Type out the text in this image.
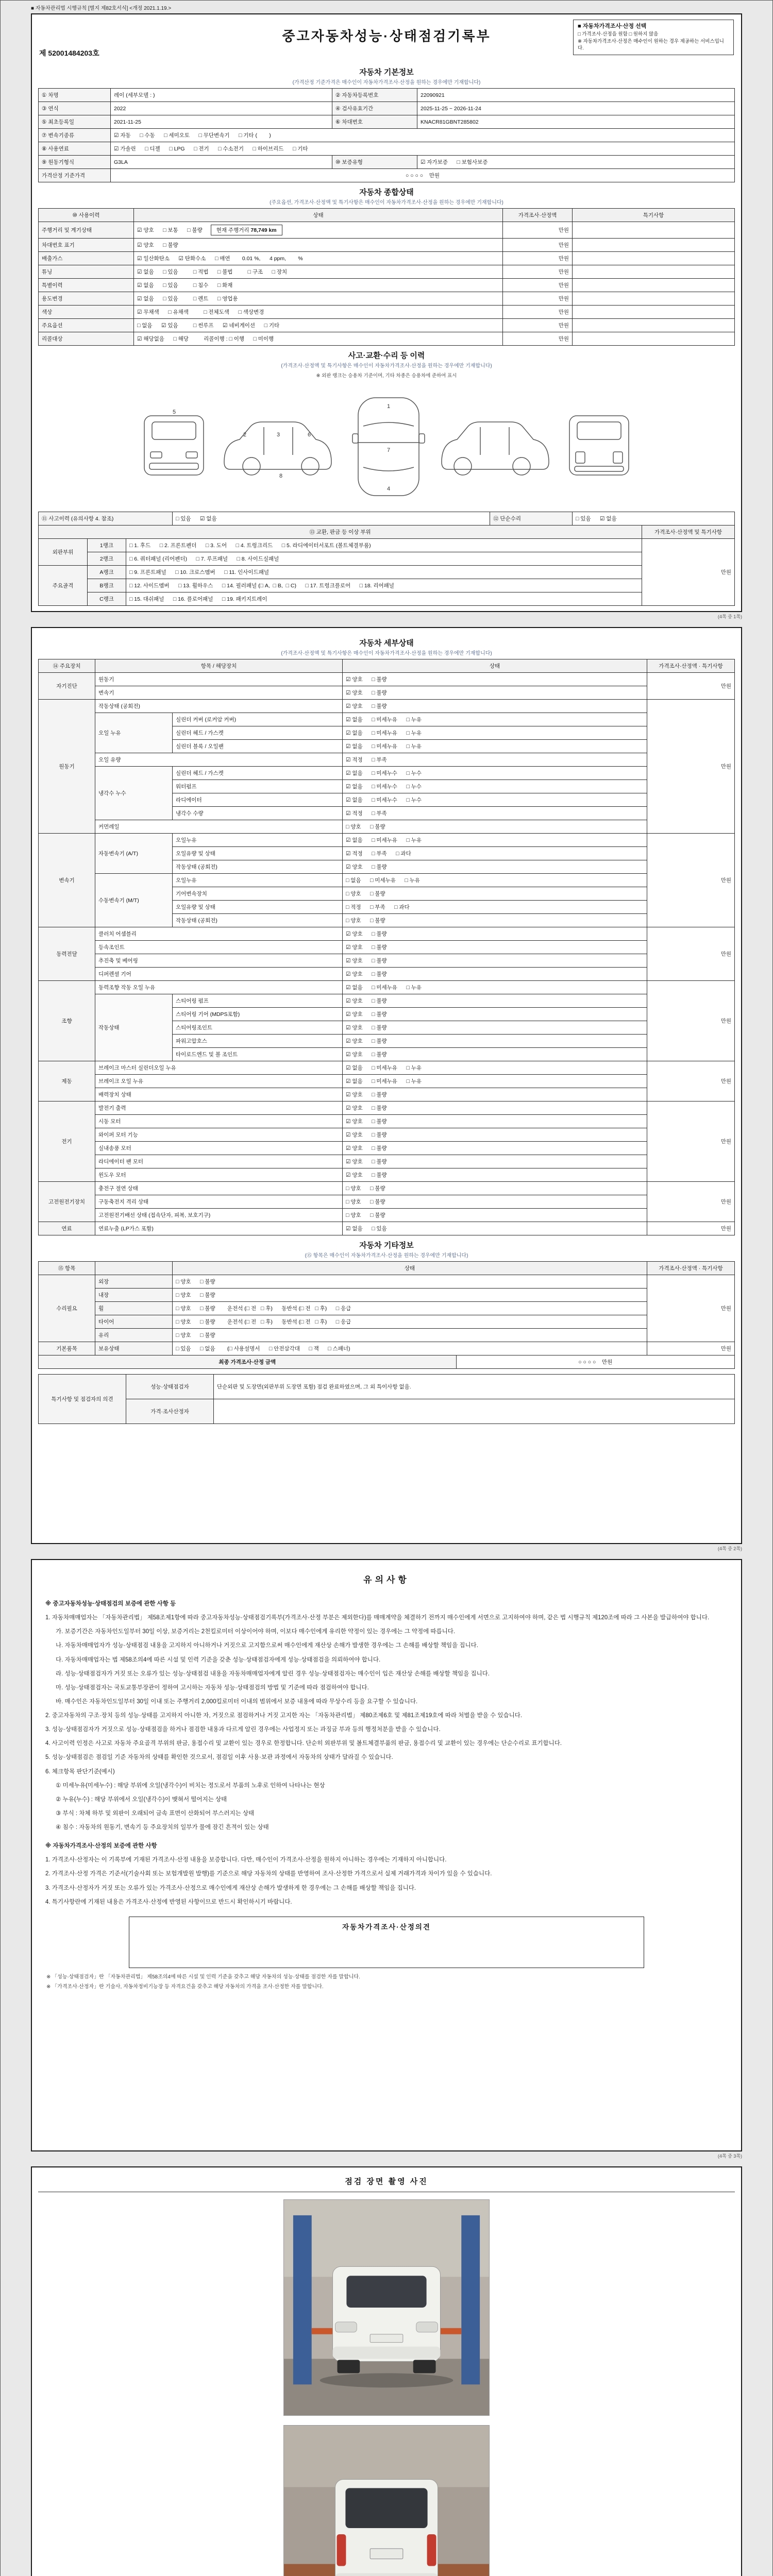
■ 자동차관리법 시행규칙 [별지 제82호서식] <개정 2021.1.19.>
■ 자동차가격조사·산정 선택
□ 가격조사·산정을 원함 □ 원하지 않음
※ 자동차가격조사·산정은 매수인이 원하는 경우 제공하는 서비스입니다.
중고자동차성능·상태점검기록부
제 52001484203호
자동차 기본정보
(가격산정 기준가격은 매수인이 자동차가격조사·산정을 원하는 경우에만 기재합니다)
① 차명	레이 (세부모델 : )	② 자동차등록번호	22090921
③ 연식	2022	④ 검사유효기간	2025-11-25 ~ 2026-11-24
⑤ 최초등록일	2021-11-25	⑥ 차대번호	KNACR81GBNT285802
⑦ 변속기종류	☑ 자동      □ 수동      □ 세미오토      □ 무단변속기      □ 기타 (        )		
⑧ 사용연료	☑ 가솔린      □ 디젤      □ LPG      □ 전기      □ 수소전기      □ 하이브리드      □ 기타		
⑨ 원동기형식	G3LA	⑩ 보증유형	☑ 자가보증      □ 보험사보증
가격산정 기준가격	○ ○ ○ ○    만원		
자동차 종합상태
(주요옵션, 가격조사·산정액 및 특기사항은 매수인이 자동차가격조사·산정을 원하는 경우에만 기재합니다)
⑩ 사용이력	상태	가격조사·산정액	특기사항
주행거리 및 계기상태	☑ 양호      □ 보통      □ 불량 현재 주행거리 78,749 km	만원	
차대번호 표기	☑ 양호      □ 불량	만원	
배출가스	☑ 일산화탄소      ☑ 탄화수소      □ 매연        0.01 %,      4 ppm,        %	만원	
튜닝	☑ 없음      □ 있음          □ 적법      □ 불법          □ 구조      □ 장치	만원	
특별이력	☑ 없음      □ 있음          □ 침수      □ 화재	만원	
용도변경	☑ 없음      □ 있음          □ 렌트      □ 영업용	만원	
색상	☑ 무채색      □ 유채색          □ 전체도색      □ 색상변경	만원	
주요옵션	□ 없음      ☑ 있음          □ 썬루프      ☑ 네비게이션      □ 기타	만원	
리콜대상	☑ 해당없음      □ 해당          리콜이행 : □ 이행      □ 미이행	만원	
사고·교환·수리 등 이력
(가격조사·산정액 및 특기사항은 매수인이 자동차가격조사·산정을 원하는 경우에만 기재합니다)
※ 외판 랭크는 승용차 기준이며, 기타 차종은 승용차에 준하여 표시
1
2	3
4
5
6
7
8
⑪ 사고이력 (유의사항 4. 참조)	□ 있음      ☑ 없음	⑫ 단순수리	□ 있음      ☑ 없음
⑬ 교환, 판금 등 이상 부위			가격조사·산정액 및 특기사항
외판부위	1랭크	□ 1. 후드      □ 2. 프론트펜더      □ 3. 도어      □ 4. 트렁크리드      □ 5. 라디에이터서포트 (볼트체결부품)	만원
	2랭크	□ 6. 쿼터패널 (리어펜더)      □ 7. 루프패널      □ 8. 사이드실패널	
주요골격	A랭크	□ 9. 프론트패널      □ 10. 크로스멤버      □ 11. 인사이드패널	
	B랭크	□ 12. 사이드멤버      □ 13. 휠하우스      □ 14. 필러패널 (□ A,  □ B,  □ C)      □ 17. 트렁크플로어      □ 18. 리어패널	
	C랭크	□ 15. 대쉬패널      □ 16. 플로어패널      □ 19. 패키지트레이	
(4쪽 중 1쪽)
자동차 세부상태
(가격조사·산정액 및 특기사항은 매수인이 자동차가격조사·산정을 원하는 경우에만 기재합니다)
⑭ 주요장치	항목 / 해당장치		상태	가격조사·산정액 · 특기사항
자기진단	원동기		☑ 양호      □ 불량	만원
	변속기		☑ 양호      □ 불량	
원동기	작동상태 (공회전)		☑ 양호      □ 불량	만원
	오일 누유	실린더 커버 (로커암 커버)	☑ 없음      □ 미세누유      □ 누유	
		실린더 헤드 / 가스켓	☑ 없음      □ 미세누유      □ 누유	
		실린더 블록 / 오일팬	☑ 없음      □ 미세누유      □ 누유	
	오일 유량		☑ 적정      □ 부족	
	냉각수 누수	실린더 헤드 / 가스켓	☑ 없음      □ 미세누수      □ 누수	
		워터펌프	☑ 없음      □ 미세누수      □ 누수	
		라디에이터	☑ 없음      □ 미세누수      □ 누수	
		냉각수 수량	☑ 적정      □ 부족	
	커먼레일		□ 양호      □ 불량	
변속기	자동변속기 (A/T)	오일누유	☑ 없음      □ 미세누유      □ 누유	만원
		오일유량 및 상태	☑ 적정      □ 부족      □ 과다	
		작동상태 (공회전)	☑ 양호      □ 불량	
	수동변속기 (M/T)	오일누유	□ 없음      □ 미세누유      □ 누유	
		기어변속장치	□ 양호      □ 불량	
		오일유량 및 상태	□ 적정      □ 부족      □ 과다	
		작동상태 (공회전)	□ 양호      □ 불량	
동력전달	클러치 어셈블리		☑ 양호      □ 불량	만원
	등속조인트		☑ 양호      □ 불량	
	추진축 및 베어링		☑ 양호      □ 불량	
	디퍼렌셜 기어		☑ 양호      □ 불량	
조향	동력조향 작동 오일 누유		☑ 없음      □ 미세누유      □ 누유	만원
	작동상태	스티어링 펌프	☑ 양호      □ 불량	
		스티어링 기어 (MDPS포함)	☑ 양호      □ 불량	
		스티어링조인트	☑ 양호      □ 불량	
		파워고압호스	☑ 양호      □ 불량	
		타이로드엔드 및 볼 조인트	☑ 양호      □ 불량	
제동	브레이크 마스터 실린더오일 누유		☑ 없음      □ 미세누유      □ 누유	만원
	브레이크 오일 누유		☑ 없음      □ 미세누유      □ 누유	
	배력장치 상태		☑ 양호      □ 불량	
전기	발전기 출력		☑ 양호      □ 불량	만원
	시동 모터		☑ 양호      □ 불량	
	와이퍼 모터 기능		☑ 양호      □ 불량	
	실내송풍 모터		☑ 양호      □ 불량	
	라디에이터 팬 모터		☑ 양호      □ 불량	
	윈도우 모터		☑ 양호      □ 불량	
고전원전기장치	충전구 절연 상태		□ 양호      □ 불량	만원
	구동축전지 격리 상태		□ 양호      □ 불량	
	고전원전기배선 상태 (접속단자, 피복, 보호기구)		□ 양호      □ 불량	
연료	연료누출 (LP가스 포함)		☑ 없음      □ 있음	만원
자동차 기타정보
(⑮ 항목은 매수인이 자동차가격조사·산정을 원하는 경우에만 기재합니다)
⑮ 항목		상태	가격조사·산정액 · 특기사항
수리필요	외장	□ 양호      □ 불량	만원
	내장	□ 양호      □ 불량	
	휠	□ 양호      □ 불량        운전석 (□ 전   □ 후)      동반석 (□ 전   □ 후)      □ 응급	
	타이어	□ 양호      □ 불량        운전석 (□ 전   □ 후)      동반석 (□ 전   □ 후)      □ 응급	
	유리	□ 양호      □ 불량	
기본품목	보유상태	□ 있음      □ 없음        (□ 사용설명서      □ 안전삼각대      □ 잭      □ 스패너)	만원
최종 가격조사·산정 금액	○ ○ ○ ○    만원
특기사항 및 점검자의 의견	성능·상태점검자	단순외판 및 도장면(외판부위 도장면 포함) 점검 완료하였으며, 그 외 특이사항 없음.
	가격·조사산정자	
(4쪽 중 2쪽)
유의사항

※ 중고자동차성능·상태점검의 보증에 관한 사항 등

1. 자동차매매업자는 「자동차관리법」 제58조제1항에 따라 중고자동차성능·상태점검기록부(가격조사·산정 부분은 제외한다)를 매매계약을 체결하기 전까지 매수인에게 서면으로 고지하여야 하며, 같은 법 시행규칙 제120조에 따라 그 사본을 발급하여야 합니다.

가. 보증기간은 자동차인도일부터 30일 이상, 보증거리는 2천킬로미터 이상이어야 하며, 이보다 매수인에게 유리한 약정이 있는 경우에는 그 약정에 따릅니다.

나. 자동차매매업자가 성능·상태점검 내용을 고지하지 아니하거나 거짓으로 고지함으로써 매수인에게 재산상 손해가 발생한 경우에는 그 손해를 배상할 책임을 집니다.

다. 자동차매매업자는 법 제58조의4에 따른 시설 및 인력 기준을 갖춘 성능·상태점검자에게 성능·상태점검을 의뢰하여야 합니다.

라. 성능·상태점검자가 거짓 또는 오류가 있는 성능·상태점검 내용을 자동차매매업자에게 알린 경우 성능·상태점검자는 매수인이 입은 재산상 손해를 배상할 책임을 집니다.

마. 성능·상태점검자는 국토교통부장관이 정하여 고시하는 자동차 성능·상태점검의 방법 및 기준에 따라 점검하여야 합니다.

바. 매수인은 자동차인도일부터 30일 이내 또는 주행거리 2,000킬로미터 이내의 범위에서 보증 내용에 따라 무상수리 등을 요구할 수 있습니다.

2. 중고자동차의 구조·장치 등의 성능·상태를 고지하지 아니한 자, 거짓으로 점검하거나 거짓 고지한 자는 「자동차관리법」 제80조제6호 및 제81조제19호에 따라 처벌을 받을 수 있습니다.

3. 성능·상태점검자가 거짓으로 성능·상태점검을 하거나 점검한 내용과 다르게 알린 경우에는 사업정지 또는 과징금 부과 등의 행정처분을 받을 수 있습니다.

4. 사고이력 인정은 사고로 자동차 주요골격 부위의 판금, 용접수리 및 교환이 있는 경우로 한정합니다. 단순히 외판부위 및 볼트체결부품의 판금, 용접수리 및 교환이 있는 경우에는 단순수리로 표기합니다.

5. 성능·상태점검은 점검일 기준 자동차의 상태를 확인한 것으로서, 점검일 이후 사용·보관 과정에서 자동차의 상태가 달라질 수 있습니다.

6. 체크항목 판단기준(예시)

① 미세누유(미세누수) : 해당 부위에 오일(냉각수)이 비치는 정도로서 부품의 노후로 인하여 나타나는 현상

② 누유(누수) : 해당 부위에서 오일(냉각수)이 맺혀서 떨어지는 상태

③ 부식 : 차체 하부 및 외판이 오래되어 금속 표면이 산화되어 부스러지는 상태

④ 침수 : 자동차의 원동기, 변속기 등 주요장치의 일부가 물에 잠긴 흔적이 있는 상태

※ 자동차가격조사·산정의 보증에 관한 사항

1. 가격조사·산정자는 이 기록부에 기재된 가격조사·산정 내용을 보증합니다. 다만, 매수인이 가격조사·산정을 원하지 아니하는 경우에는 기재하지 아니합니다.

2. 가격조사·산정 가격은 기준서(기술사회 또는 보험개발원 발행)를 기준으로 해당 자동차의 상태를 반영하여 조사·산정한 가격으로서 실제 거래가격과 차이가 있을 수 있습니다.

3. 가격조사·산정자가 거짓 또는 오류가 있는 가격조사·산정으로 매수인에게 재산상 손해가 발생하게 한 경우에는 그 손해를 배상할 책임을 집니다.

4. 특기사항란에 기재된 내용은 가격조사·산정에 반영된 사항이므로 반드시 확인하시기 바랍니다.

자동차가격조사·산정의견

※ 「성능·상태점검자」란 「자동차관리법」 제58조의4에 따른 시설 및 인력 기준을 갖추고 해당 자동차의 성능·상태를 점검한 자를 말합니다.

※ 「가격조사·산정자」란 기술사, 자동차정비기능장 등 자격요건을 갖추고 해당 자동차의 가격을 조사·산정한 자를 말합니다.

(4쪽 중 3쪽)
점검 장면 촬영 사진
